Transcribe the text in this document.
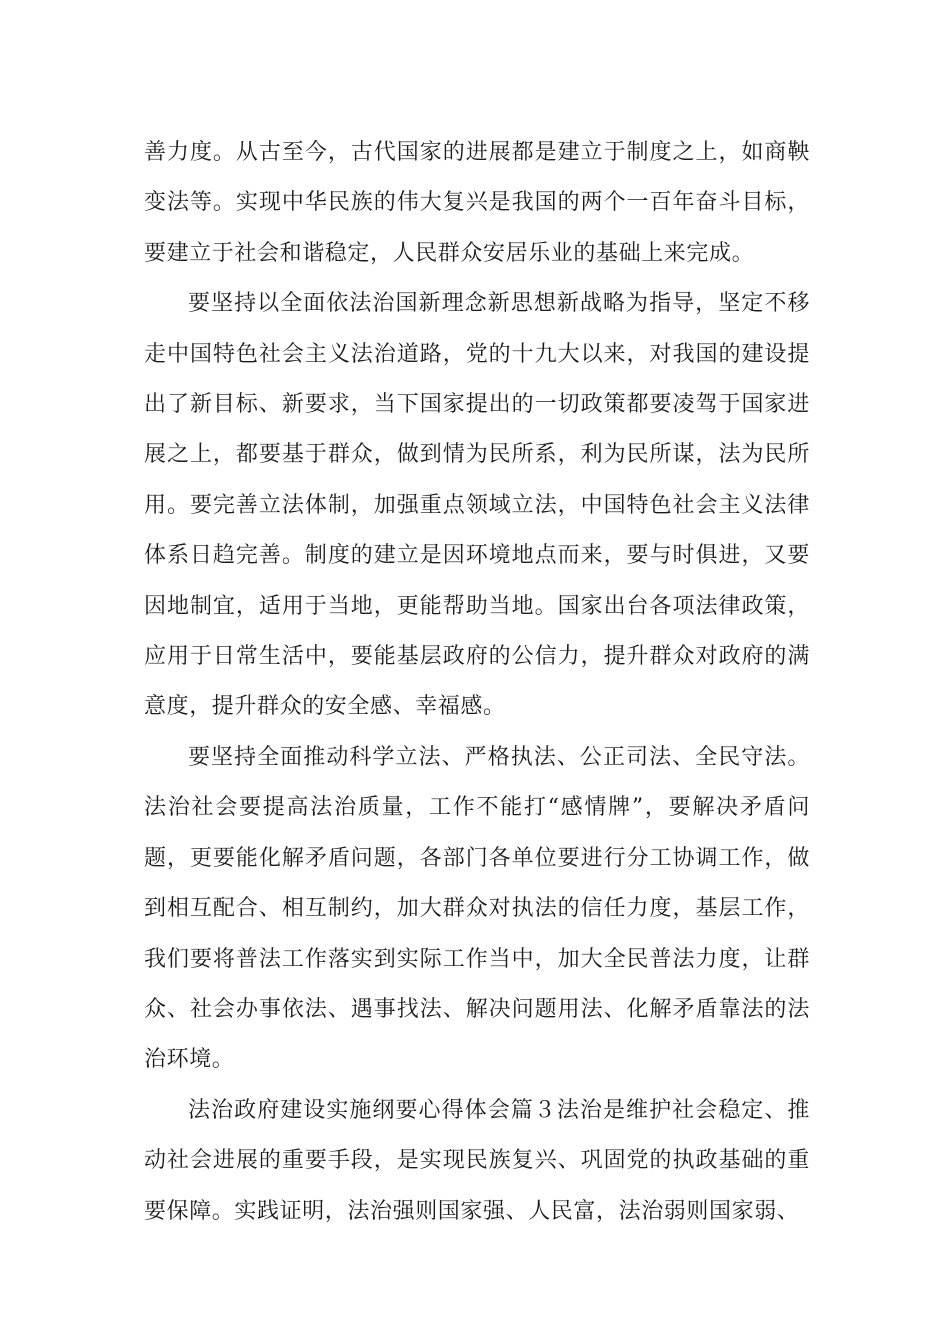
善力度。从古至今，古代国家的进展都是建立于制度之上，如商鞅变法等。实现中华民族的伟大复兴是我国的两个一百年奋斗目标，要建立于社会和谐稳定，人民群众安居乐业的基础上来完成。

要坚持以全面依法治国新理念新思想新战略为指导，坚定不移走中国特色社会主义法治道路，党的十九大以来，对我国的建设提出了新目标、新要求，当下国家提出的一切政策都要凌驾于国家进展之上，都要基于群众，做到情为民所系，利为民所谋，法为民所用。要完善立法体制，加强重点领域立法，中国特色社会主义法律体系日趋完善。制度的建立是因环境地点而来，要与时俱进，又要因地制宜，适用于当地，更能帮助当地。国家出台各项法律政策，应用于日常生活中，要能基层政府的公信力，提升群众对政府的满意度，提升群众的安全感、幸福感。

要坚持全面推动科学立法、严格执法、公正司法、全民守法。法治社会要提高法治质量，工作不能打“感情牌”，要解决矛盾问题，更要能化解矛盾问题，各部门各单位要进行分工协调工作，做到相互配合、相互制约，加大群众对执法的信任力度，基层工作，我们要将普法工作落实到实际工作当中，加大全民普法力度，让群众、社会办事依法、遇事找法、解决问题用法、化解矛盾靠法的法治环境。

法治政府建设实施纲要心得体会篇３法治是维护社会稳定、推动社会进展的重要手段，是实现民族复兴、巩固党的执政基础的重要保障。实践证明，法治强则国家强、人民富，法治弱则国家弱、
